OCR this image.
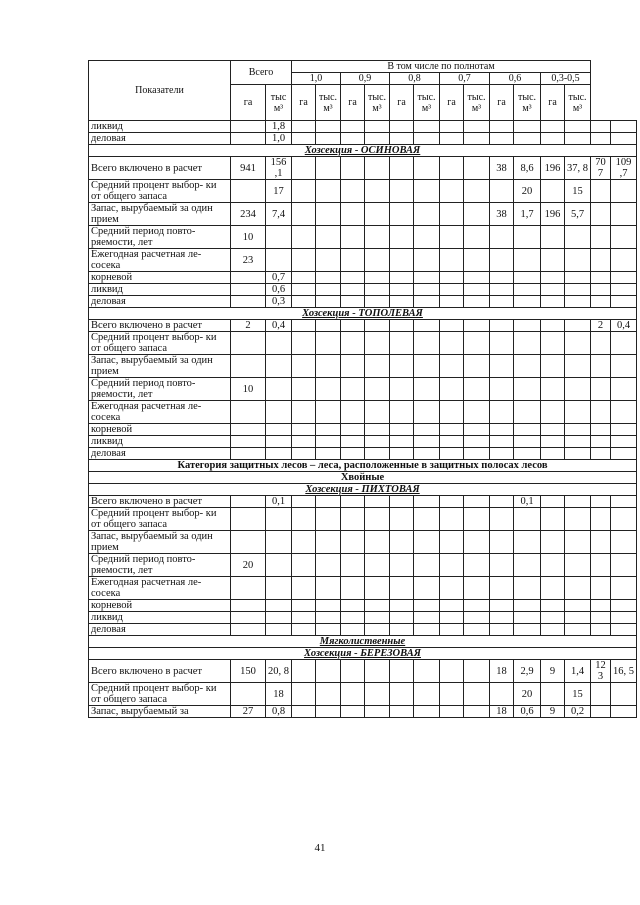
Показатели	Всего		В том числе по полнотам													
			1,0		0,9		0,8		0,7		0,6		0,3-0,5			
	га	тыс м³	га	тыс. м³	га	тыс. м³	га	тыс. м³	га	тыс. м³	га	тыс. м³	га	тыс. м³		
ликвид		1,8														
деловая		1,0														
Хозсекция - ОСИНОВАЯ																
Всего включено в расчет	941	156 ,1									38	8,6	196	37, 8	70 7	109 ,7
Средний процент выбор- ки от общего запаса		17										20		15		
Запас, вырубаемый за один прием	234	7,4									38	1,7	196	5,7		
Средний период повто- ряемости, лет	10															
Ежегодная расчетная ле- сосека	23															
корневой		0,7														
ликвид		0,6														
деловая		0,3														
Хозсекция - ТОПОЛЕВАЯ																
Всего включено в расчет	2	0,4													2	0,4
Средний процент выбор- ки от общего запаса																
Запас, вырубаемый за один прием																
Средний период повто- ряемости, лет	10															
Ежегодная расчетная ле- сосека																
корневой																
ликвид																
деловая																
Категория защитных лесов – леса, расположенные в защитных полосах лесов																
Хвойные																
Хозсекция - ПИХТОВАЯ																
Всего включено в расчет		0,1										0,1				
Средний процент выбор- ки от общего запаса																
Запас, вырубаемый за один прием																
Средний период повто- ряемости, лет	20															
Ежегодная расчетная ле- сосека																
корневой																
ликвид																
деловая																
Мягколиственные																
Хозсекция - БЕРЕЗОВАЯ																
Всего включено в расчет	150	20, 8									18	2,9	9	1,4	12 3	16, 5
Средний процент выбор- ки от общего запаса		18										20		15		
Запас, вырубаемый за	27	0,8									18	0,6	9	0,2		
41
